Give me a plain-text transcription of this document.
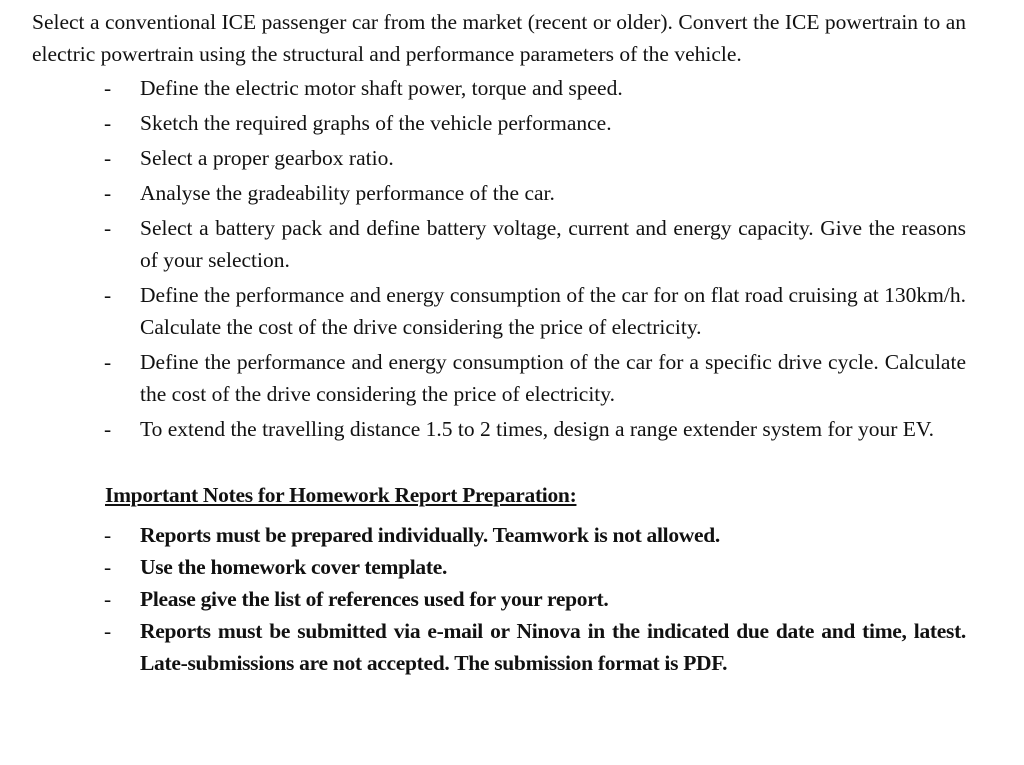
Select a conventional ICE passenger car from the market (recent or older). Convert the ICE powertrain to an electric powertrain using the structural and performance parameters of the vehicle.

- Define the electric motor shaft power, torque and speed.
- Sketch the required graphs of the vehicle performance.
- Select a proper gearbox ratio.
- Analyse the gradeability performance of the car.
- Select a battery pack and define battery voltage, current and energy capacity. Give the reasons of your selection.
- Define the performance and energy consumption of the car for on flat road cruising at 130km/h. Calculate the cost of the drive considering the price of electricity.
- Define the performance and energy consumption of the car for a specific drive cycle. Calculate the cost of the drive considering the price of electricity.
- To extend the travelling distance 1.5 to 2 times, design a range extender system for your EV.
Important Notes for Homework Report Preparation:
- Reports must be prepared individually. Teamwork is not allowed.
- Use the homework cover template.
- Please give the list of references used for your report.
- Reports must be submitted via e-mail or Ninova in the indicated due date and time, latest. Late-submissions are not accepted. The submission format is PDF.
